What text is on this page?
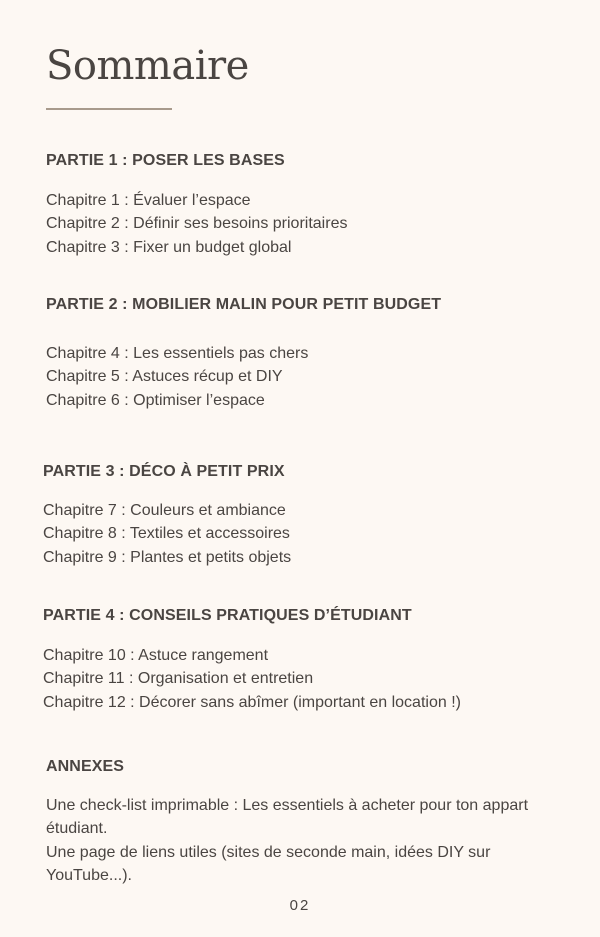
Sommaire
PARTIE 1 : POSER LES BASES
Chapitre 1 : Évaluer l’espace
Chapitre 2 : Définir ses besoins prioritaires
Chapitre 3 : Fixer un budget global
PARTIE 2 : MOBILIER MALIN POUR PETIT BUDGET
Chapitre 4 : Les essentiels pas chers
Chapitre 5 : Astuces récup et DIY
Chapitre 6 : Optimiser l’espace
PARTIE 3 : DÉCO À PETIT PRIX
Chapitre 7 : Couleurs et ambiance
Chapitre 8 : Textiles et accessoires
Chapitre 9 : Plantes et petits objets
PARTIE 4 : CONSEILS PRATIQUES D’ÉTUDIANT
Chapitre 10 : Astuce rangement
Chapitre 11 : Organisation et entretien
Chapitre 12 : Décorer sans abîmer (important en location !)
ANNEXES

Une check-list imprimable : Les essentiels à acheter pour ton appart étudiant.

Une page de liens utiles (sites de seconde main, idées DIY sur YouTube...).

02
